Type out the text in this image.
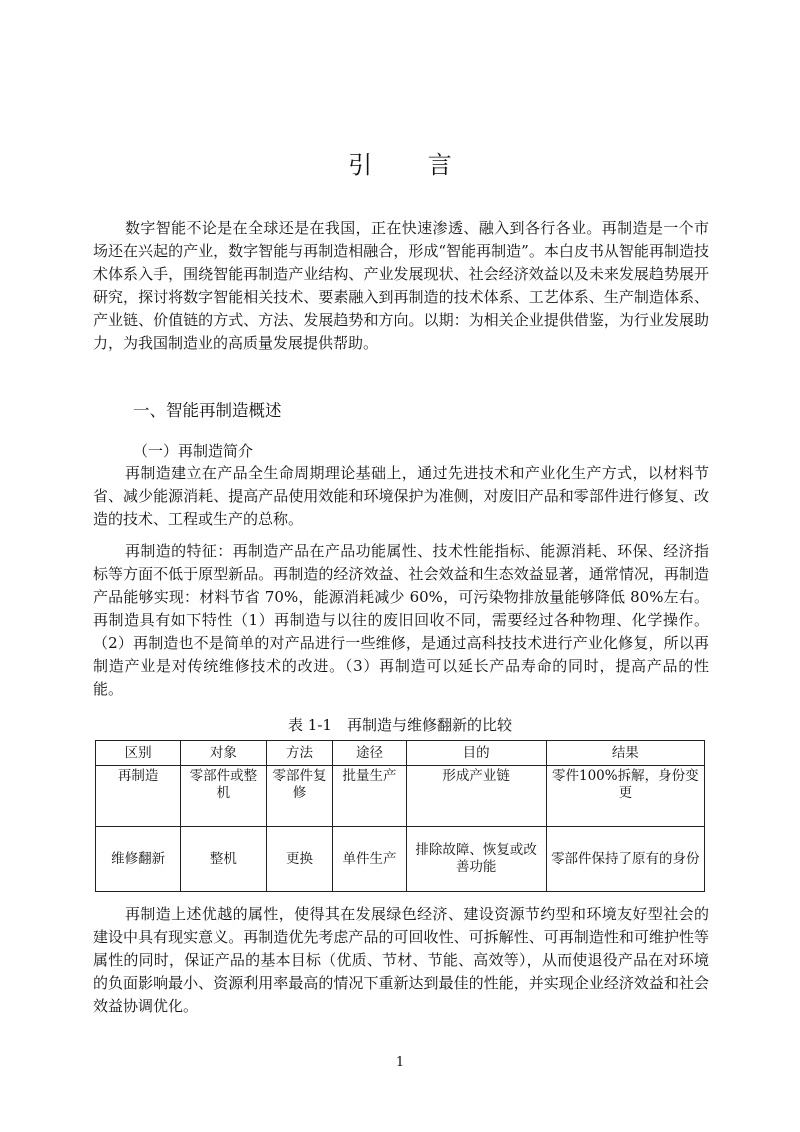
引 言

数字智能不论是在全球还是在我国，正在快速渗透、融入到各行各业。再制造是一个市场还在兴起的产业，数字智能与再制造相融合，形成“智能再制造”。本白皮书从智能再制造技术体系入手，围绕智能再制造产业结构、产业发展现状、社会经济效益以及未来发展趋势展开研究，探讨将数字智能相关技术、要素融入到再制造的技术体系、工艺体系、生产制造体系、产业链、价值链的方式、方法、发展趋势和方向。以期：为相关企业提供借鉴，为行业发展助力，为我国制造业的高质量发展提供帮助。

一、智能再制造概述

（一）再制造简介

再制造建立在产品全生命周期理论基础上，通过先进技术和产业化生产方式，以材料节省、减少能源消耗、提高产品使用效能和环境保护为准侧，对废旧产品和零部件进行修复、改造的技术、工程或生产的总称。

再制造的特征：再制造产品在产品功能属性、技术性能指标、能源消耗、环保、经济指标等方面不低于原型新品。再制造的经济效益、社会效益和生态效益显著，通常情况，再制造产品能够实现：材料节省 70%，能源消耗减少 60%，可污染物排放量能够降低 80%左右。再制造具有如下特性（1）再制造与以往的废旧回收不同，需要经过各种物理、化学操作。（2）再制造也不是简单的对产品进行一些维修，是通过高科技技术进行产业化修复，所以再制造产业是对传统维修技术的改进。（3）再制造可以延长产品寿命的同时，提高产品的性能。

表 1-1　再制造与维修翻新的比较
区别	对象	方法	途径	目的	结果
再制造	零部件或整机	零部件复修	批量生产	形成产业链	零件100%拆解，身份变更
维修翻新	整机	更换	单件生产	排除故障、恢复或改善功能	零部件保持了原有的身份

再制造上述优越的属性，使得其在发展绿色经济、建设资源节约型和环境友好型社会的建设中具有现实意义。再制造优先考虑产品的可回收性、可拆解性、可再制造性和可维护性等属性的同时，保证产品的基本目标（优质、节材、节能、高效等），从而使退役产品在对环境的负面影响最小、资源利用率最高的情况下重新达到最佳的性能，并实现企业经济效益和社会效益协调优化。

1
